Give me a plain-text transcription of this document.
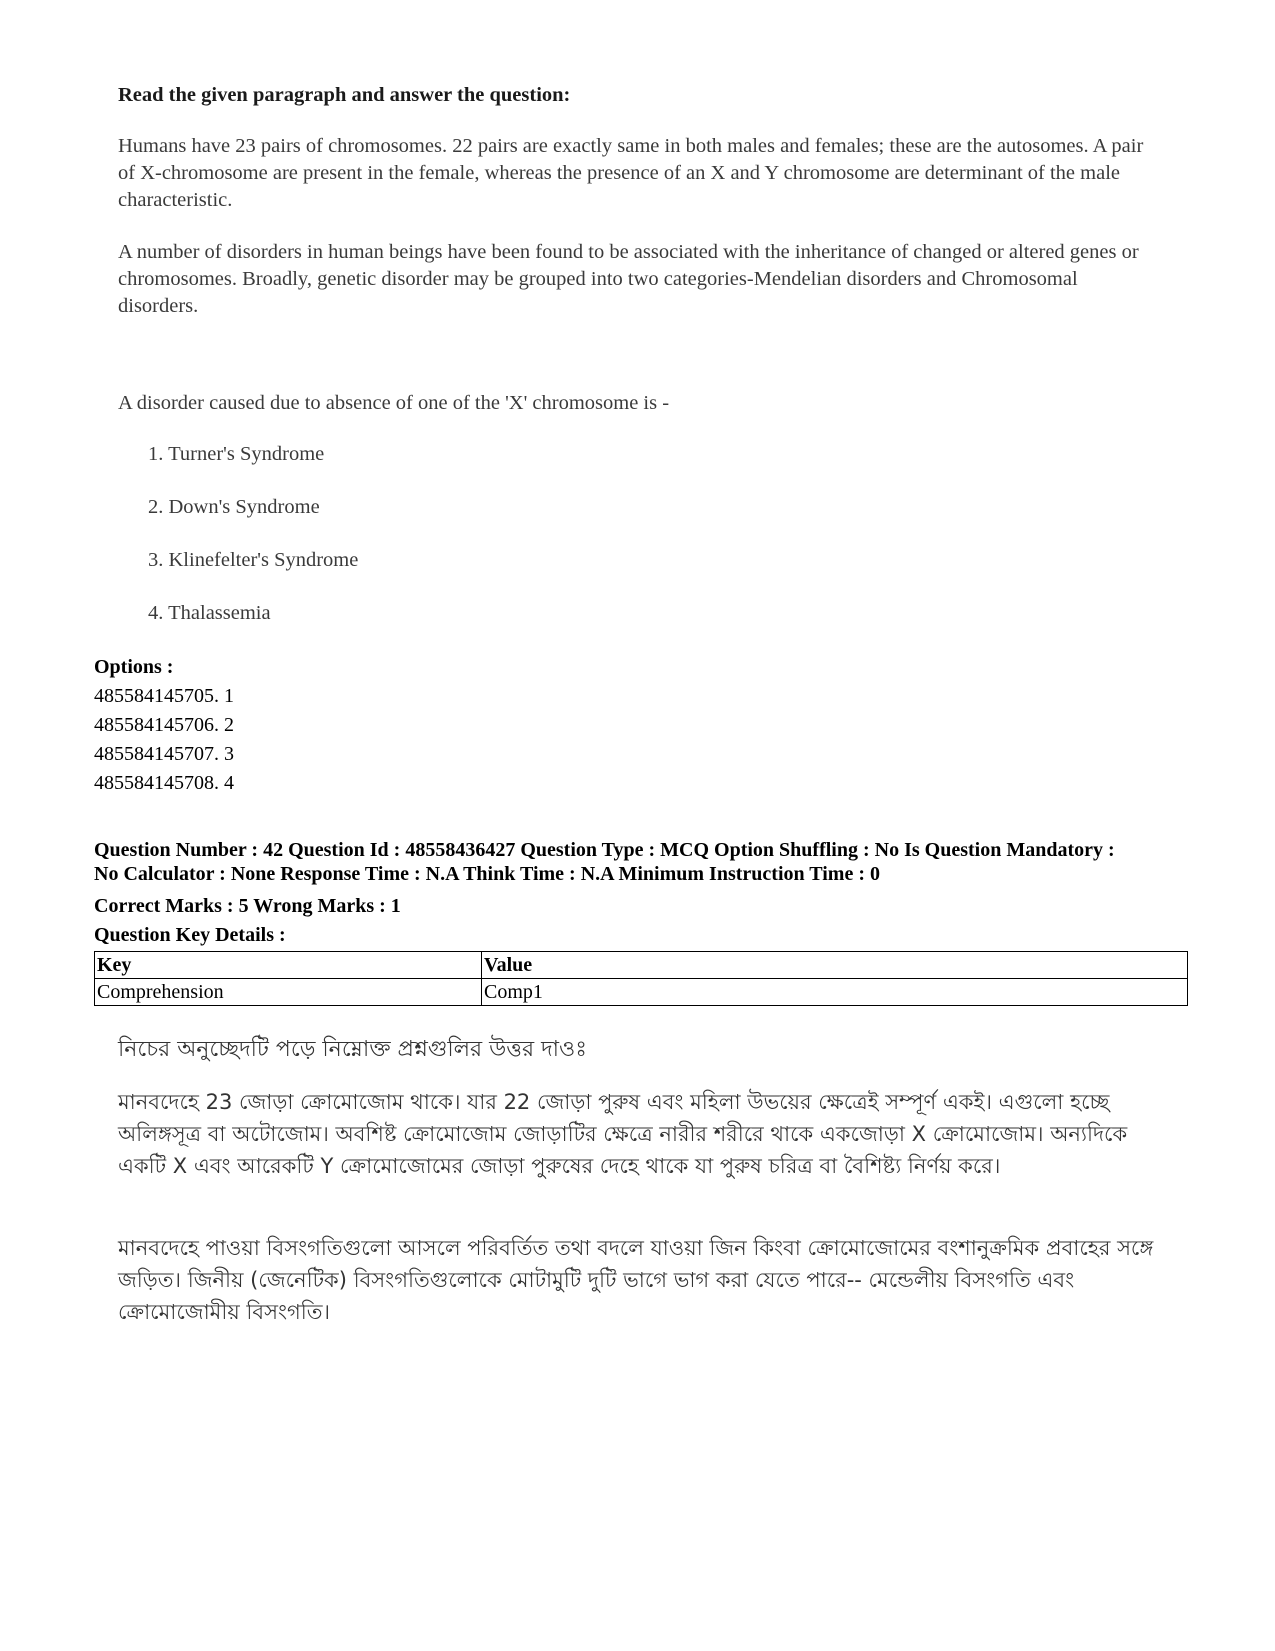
Read the given paragraph and answer the question:
Humans have 23 pairs of chromosomes. 22 pairs are exactly same in both males and females; these are the autosomes. A pair of X-chromosome are present in the female, whereas the presence of an X and Y chromosome are determinant of the male characteristic.
A number of disorders in human beings have been found to be associated with the inheritance of changed or altered genes or chromosomes. Broadly, genetic disorder may be grouped into two categories-Mendelian disorders and Chromosomal disorders.
A disorder caused due to absence of one of the 'X' chromosome is -
1. Turner's Syndrome
2. Down's Syndrome
3. Klinefelter's Syndrome
4. Thalassemia
Options :
485584145705. 1
485584145706. 2
485584145707. 3
485584145708. 4
Question Number : 42 Question Id : 48558436427 Question Type : MCQ Option Shuffling : No Is Question Mandatory :
No Calculator : None Response Time : N.A Think Time : N.A Minimum Instruction Time : 0
Correct Marks : 5 Wrong Marks : 1
Question Key Details :
Key	Value
Comprehension	Comp1
নিচের অনুচ্ছেদটি পড়ে নিম্নোক্ত প্রশ্নগুলির উত্তর দাওঃ
মানবদেহে 23 জোড়া ক্রোমোজোম থাকে। যার 22 জোড়া পুরুষ এবং মহিলা উভয়ের ক্ষেত্রেই সম্পূর্ণ একই। এগুলো হচ্ছে অলিঙ্গসূত্র বা অটোজোম। অবশিষ্ট ক্রোমোজোম জোড়াটির ক্ষেত্রে নারীর শরীরে থাকে একজোড়া X ক্রোমোজোম। অন্যদিকে একটি X এবং আরেকটি Y ক্রোমোজোমের জোড়া পুরুষের দেহে থাকে যা পুরুষ চরিত্র বা বৈশিষ্ট্য নির্ণয় করে।
মানবদেহে পাওয়া বিসংগতিগুলো আসলে পরিবর্তিত তথা বদলে যাওয়া জিন কিংবা ক্রোমোজোমের বংশানুক্রমিক প্রবাহের সঙ্গে জড়িত। জিনীয় (জেনেটিক) বিসংগতিগুলোকে মোটামুটি দুটি ভাগে ভাগ করা যেতে পারে-- মেন্ডেলীয় বিসংগতি এবং ক্রোমোজোমীয় বিসংগতি।
